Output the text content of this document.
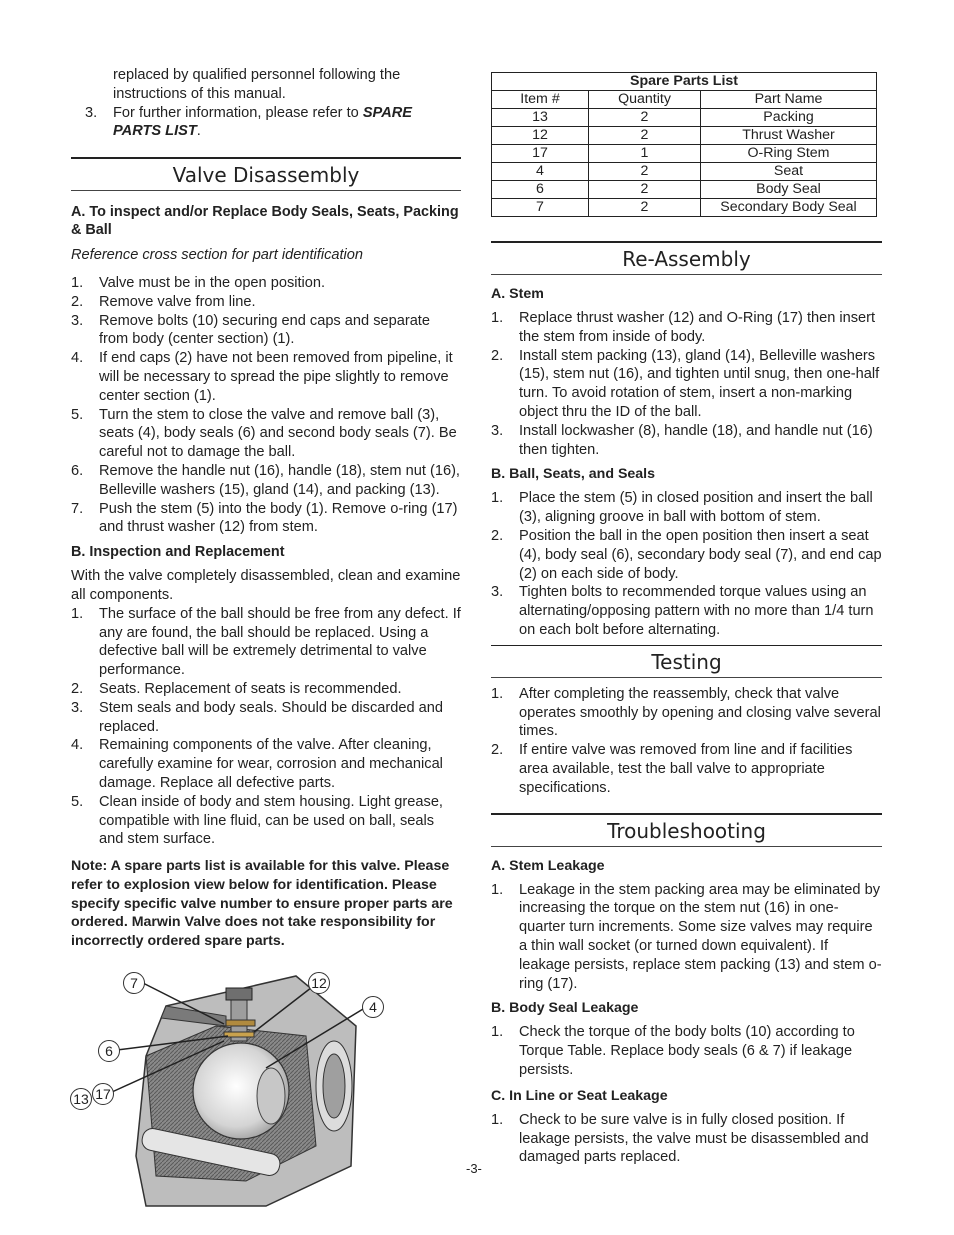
replaced by qualified personnel following the instructions of this manual.

3. For further information, please refer to SPARE PARTS LIST.
Valve Disassembly

A. To inspect and/or Replace Body Seals, Seats, Packing & Ball

Reference cross section for part identification

1. Valve must be in the open position.
2. Remove valve from line.
3. Remove bolts (10) securing end caps and separate from body (center section) (1).
4. If end caps (2) have not been removed from pipeline, it will be necessary to spread the pipe slightly to remove center section (1).
5. Turn the stem to close the valve and remove ball (3), seats (4), body seals (6) and second body seals (7). Be careful not to damage the ball.
6. Remove the handle nut (16), handle (18), stem nut (16), Belleville washers (15), gland (14), and packing (13).
7. Push the stem (5) into the body (1). Remove o-ring (17) and thrust washer (12) from stem.

B. Inspection and Replacement

With the valve completely disassembled, clean and examine all components.

1. The surface of the ball should be free from any defect. If any are found, the ball should be replaced. Using a defective ball will be extremely detrimental to valve performance.
2. Seats. Replacement of seats is recommended.
3. Stem seals and body seals. Should be discarded and replaced.
4. Remaining components of the valve. After cleaning, carefully examine for wear, corrosion and mechanical damage. Replace all defective parts.
5. Clean inside of body and stem housing. Light grease, compatible with line fluid, can be used on ball, seals and stem surface.

Note: A spare parts list is available for this valve. Please refer to explosion view below for identification. Please specify specific valve number to ensure proper parts are ordered. Marwin Valve does not take responsibility for incorrectly ordered spare parts.

7	12
4
6
13 17
Spare Parts List		
Item #	Quantity	Part Name
13	2	Packing
12	2	Thrust Washer
17	1	O-Ring Stem
4	2	Seat
6	2	Body Seal
7	2	Secondary Body Seal
Re-Assembly

A. Stem

1. Replace thrust washer (12) and O-Ring (17) then insert the stem from inside of body.
2. Install stem packing (13), gland (14), Belleville washers (15), stem nut (16), and tighten until snug, then one-half turn. To avoid rotation of stem, insert a non-marking object thru the ID of the ball.
3. Install lockwasher (8), handle (18), and handle nut (16) then tighten.

B. Ball, Seats, and Seals

1. Place the stem (5) in closed position and insert the ball (3), aligning groove in ball with bottom of stem.
2. Position the ball in the open position then insert a seat (4), body seal (6), secondary body seal (7), and end cap (2) on each side of body.
3. Tighten bolts to recommended torque values using an alternating/opposing pattern with no more than 1/4 turn on each bolt before alternating.
Testing
1. After completing the reassembly, check that valve operates smoothly by opening and closing valve several times.
2. If entire valve was removed from line and if facilities area available, test the ball valve to appropriate specifications.
Troubleshooting

A. Stem Leakage

1. Leakage in the stem packing area may be eliminated by increasing the torque on the stem nut (16) in one-quarter turn increments. Some size valves may require a thin wall socket (or turned down equivalent). If leakage persists, replace stem packing (13) and stem o-ring (17).

B. Body Seal Leakage

1. Check the torque of the body bolts (10) according to Torque Table. Replace body seals (6 & 7) if leakage persists.

C. In Line or Seat Leakage

1. Check to be sure valve is in fully closed position. If leakage persists, the valve must be disassembled and damaged parts replaced.
-3-
